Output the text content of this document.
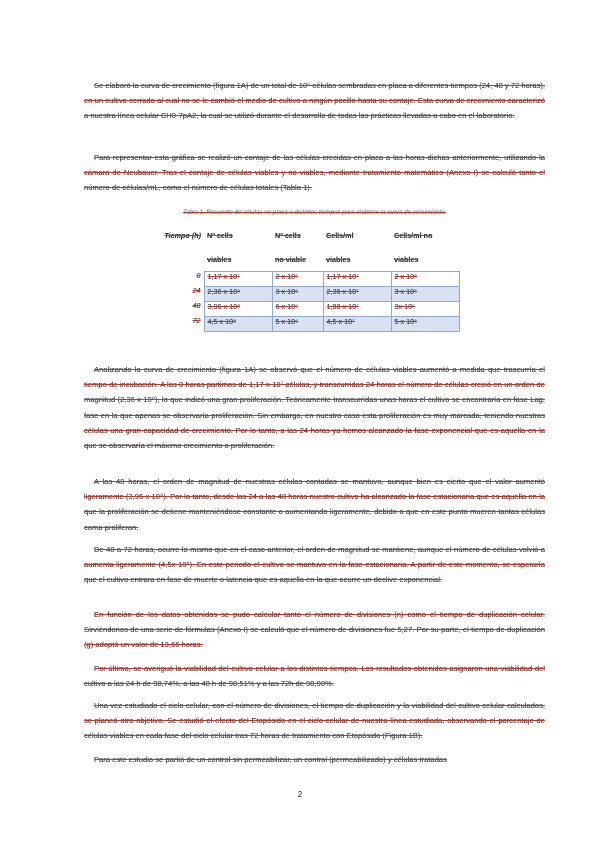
Se elaboró la curva de crecimiento (figura 1A) de un total de 10⁵ células sembradas en placa a diferentes tiempos (24, 48 y 72 horas), en un cultivo cerrado al cual no se le cambió el medio de cultivo a ningún pocillo hasta su contaje. Esta curva de crecimiento caracterizó a nuestra línea celular CH0-7pA2, la cual se utilizó durante el desarrollo de todas las prácticas llevadas a cabo en el laboratorio.

Para representar esta gráfica se realizó un contaje de las células crecidas en placa a las horas dichas anteriormente, utilizando la cámara de Neubauer. Tras el contaje de células viables y no viables, mediante tratamiento matemático (Anexo I) se calculó tanto el número de células/mL, como el número de células totales (Tabla 1).

Tabla 1. Recuento de células en placa a distintos tiempos para elaborar la curva de crecimiento.
Tiempo (h)	Nº cells	Nº cells	Cells/ml	Cells/ml no
	viables	no viable	viables	viables
0	1,17 x 10⁷	2 x 10⁶	1,17 x 10⁷	2 x 10⁶
24	2,36 x 10⁸	3 x 10⁶	2,36 x 10⁷	3 x 10⁵
48	3,96 x 10⁸	6 x 10⁶	1,98 x 10⁷	3x 10⁵
72	4,5 x 10⁸	5 x 10⁶	4,5 x 10⁷	5 x 10⁶

Analizando la curva de crecimiento (figura 1A) se observó que el número de células viables aumentó a medida que trascurría el tiempo de incubación. A las 0 horas partimos de 1,17 x 10⁷ células, y transcurridas 24 horas el número de células creció en un orden de magnitud (2,36 x 10⁸), lo que indicó una gran proliferación. Teóricamente transcurridas unas horas el cultivo se encontraría en fase Lag, fase en la que apenas se observaría proliferación. Sin embargo, en nuestro caso esta proliferación es muy marcada, teniendo nuestras células una gran capacidad de crecimiento. Por lo tanto, a las 24 horas ya hemos alcanzado la fase exponencial que es aquella en la que se observaría el máximo crecimiento o proliferación.

A las 48 horas, el orden de magnitud de nuestras células contadas se mantuvo, aunque bien es cierto que el valor aumentó ligeramente (3,96 x 10⁸). Por lo tanto, desde las 24 a las 48 horas nuestro cultivo ha alcanzado la fase estacionaria que es aquella en la que la proliferación se detiene manteniéndose constante o aumentando ligeramente, debido a que en este punto mueren tantas células como proliferan.

De 48 a 72 horas, ocurre lo mismo que en el caso anterior, el orden de magnitud se mantiene, aunque el número de células volvió a aumenta ligeramente (4,5x 10⁸). En este periodo el cultivo se mantuvo en la fase estacionaria. A partir de este momento, se esperaría que el cultivo entrara en fase de muerte o latencia que es aquella en la que ocurre un declive exponencial.

En función de los datos obtenidos se pudo calcular tanto el número de divisiones (n) como el tiempo de duplicación celular. Sirviéndonos de una serie de fórmulas (Anexo I) se calculó que el número de divisiones fue 5,27. Por su parte, el tiempo de duplicación (g) adoptó un valor de 13,66 horas.

Por último, se averiguó la viabilidad del cultivo celular a los distintos tiempos. Los resultados obtenidos asignaron una viabilidad del cultivo a las 24 h de 98,74%, a las 48 h de 98,51% y a las 72h de 98,90%.

Una vez estudiado el ciclo celular, con el número de divisiones, el tiempo de duplicación y la viabilidad del cultivo celular calculados, se planeó otro objetivo. Se estudió el efecto del Etopósido en el ciclo celular de nuestra línea estudiada, observando el porcentaje de células viables en cada fase del ciclo celular tras 72 horas de tratamiento con Etopósido (Figura 1B).

Para este estudio se partió de un control sin permeabilizar, un control (permeabilizado) y células tratadas

2
